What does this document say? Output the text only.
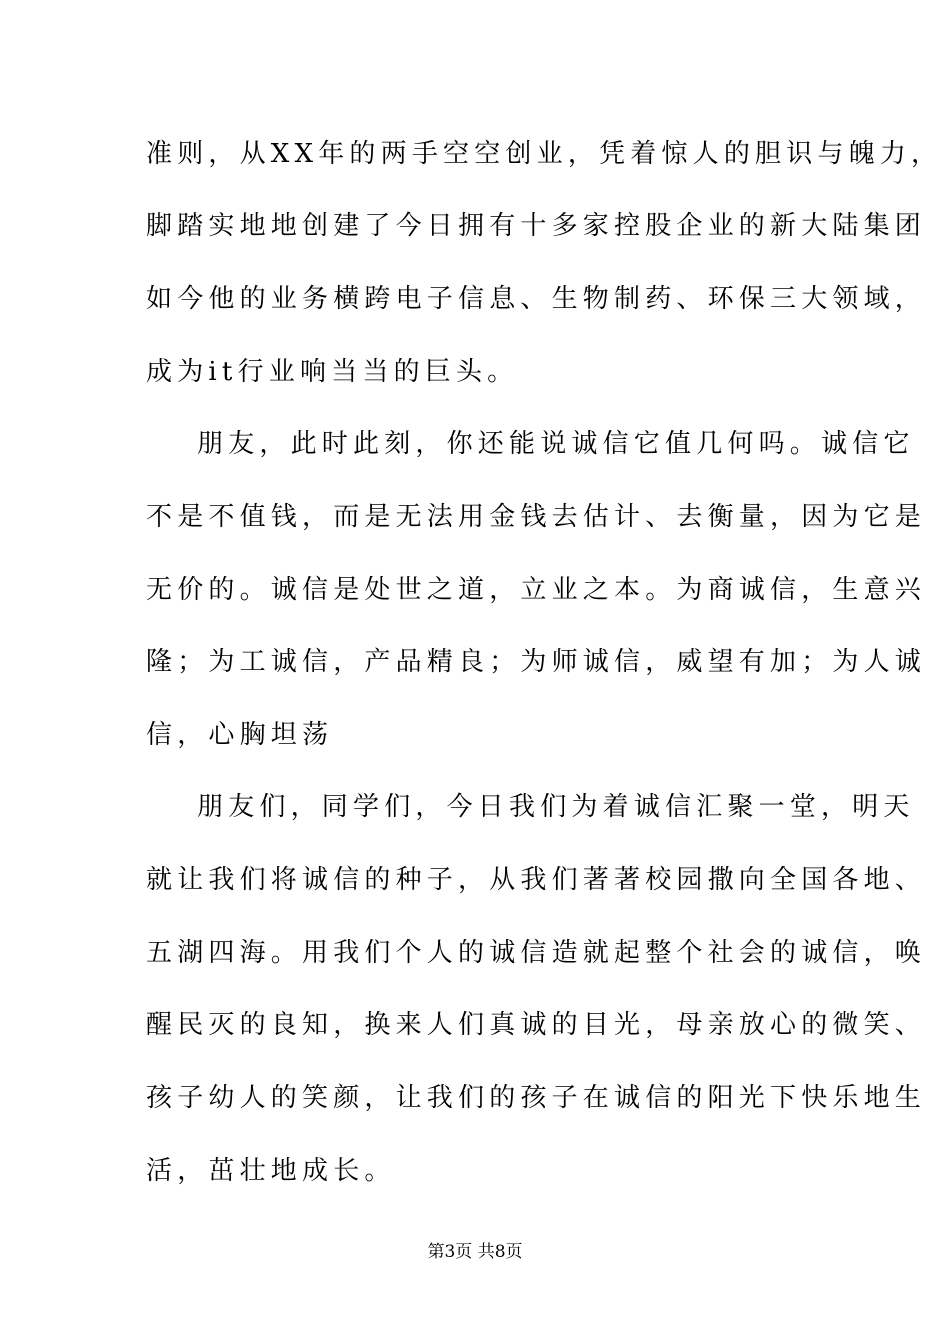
准则，从XX年的两手空空创业，凭着惊人的胆识与魄力，
脚踏实地地创建了今日拥有十多家控股企业的新大陆集团
如今他的业务横跨电子信息、生物制药、环保三大领域，
成为it行业响当当的巨头。
朋友，此时此刻，你还能说诚信它值几何吗。诚信它
不是不值钱，而是无法用金钱去估计、去衡量，因为它是
无价的。诚信是处世之道，立业之本。为商诚信，生意兴
隆；为工诚信，产品精良；为师诚信，威望有加；为人诚
信，心胸坦荡
朋友们，同学们，今日我们为着诚信汇聚一堂，明天
就让我们将诚信的种子，从我们著著校园撒向全国各地、
五湖四海。用我们个人的诚信造就起整个社会的诚信，唤
醒民灭的良知，换来人们真诚的目光，母亲放心的微笑、
孩子幼人的笑颜，让我们的孩子在诚信的阳光下快乐地生
活，茁壮地成长。
第3页 共8页
